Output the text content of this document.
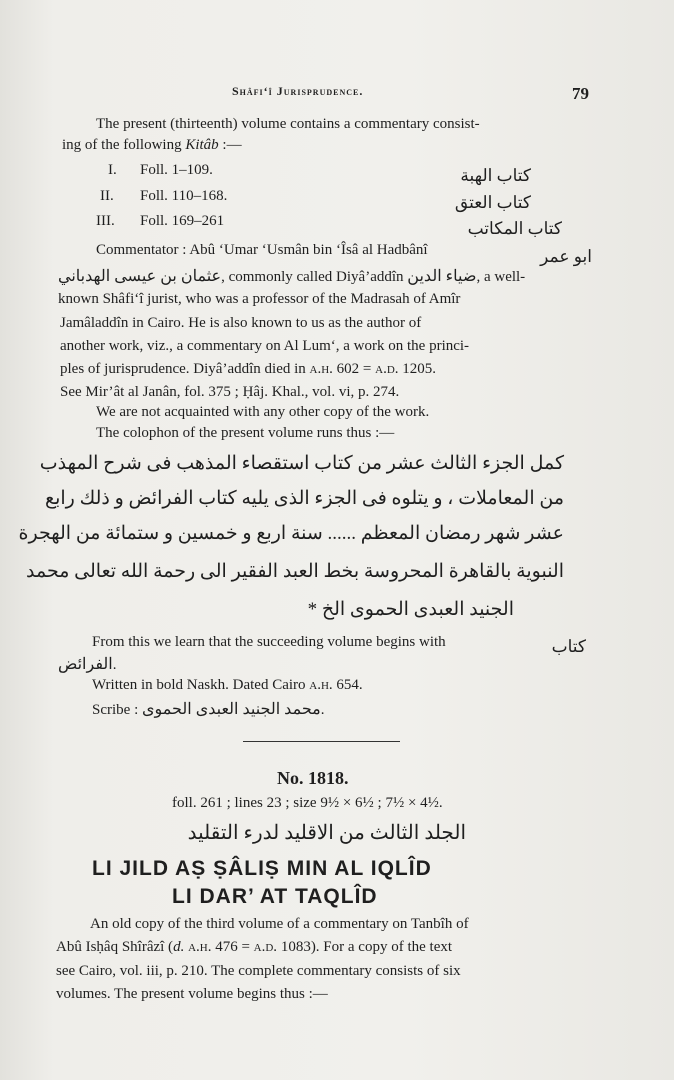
Shâfi‘î Jurisprudence.	79
The present (thirteenth) volume contains a commentary consist-
ing of the following Kitâb :—
I. Foll. 1–109.	كتاب الهبة
II. Foll. 110–168.	كتاب العتق
III. Foll. 169–261	كتاب المكاتب
Commentator : Abû ‘Umar ‘Usmân bin ‘Îsâ al Hadbânî	ابو عمر
عثمان بن عيسى الهدباني, commonly called Diyâ’addîn ضياء الدين, a well-
known Shâfi‘î jurist, who was a professor of the Madrasah of Amîr
Jamâladdîn in Cairo. He is also known to us as the author of
another work, viz., a commentary on Al Lum‘, a work on the princi-
ples of jurisprudence. Diyâ’addîn died in a.h. 602 = a.d. 1205.
See Mir’ât al Janân, fol. 375 ; Ḥâj. Khal., vol. vi, p. 274.
We are not acquainted with any other copy of the work.
The colophon of the present volume runs thus :—
كمل الجزء الثالث عشر من كتاب استقصاء المذهب فى شرح المهذب
من المعاملات ، و يتلوه فى الجزء الذى يليه كتاب الفرائض و ذلك رابع
عشر شهر رمضان المعظم ...... سنة اربع و خمسين و ستمائة من الهجرة
النبوية بالقاهرة المحروسة بخط العبد الفقير الى رحمة الله تعالى محمد
الجنيد العبدى الحموى الخ *
From this we learn that the succeeding volume begins with	كتاب
الفرائض.
Written in bold Naskh. Dated Cairo a.h. 654.
Scribe : محمد الجنيد العبدى الحموى.
No. 1818.
foll. 261 ; lines 23 ; size 9½ × 6½ ; 7½ × 4½.
الجلد الثالث من الاقليد لدرء التقليد
LI JILD AṢ ṢÂLIṢ MIN AL IQLÎD
LI DAR’ AT TAQLÎD
An old copy of the third volume of a commentary on Tanbîh of
Abû Isḥâq Shîrâzî (d. a.h. 476 = a.d. 1083). For a copy of the text
see Cairo, vol. iii, p. 210. The complete commentary consists of six
volumes. The present volume begins thus :—
